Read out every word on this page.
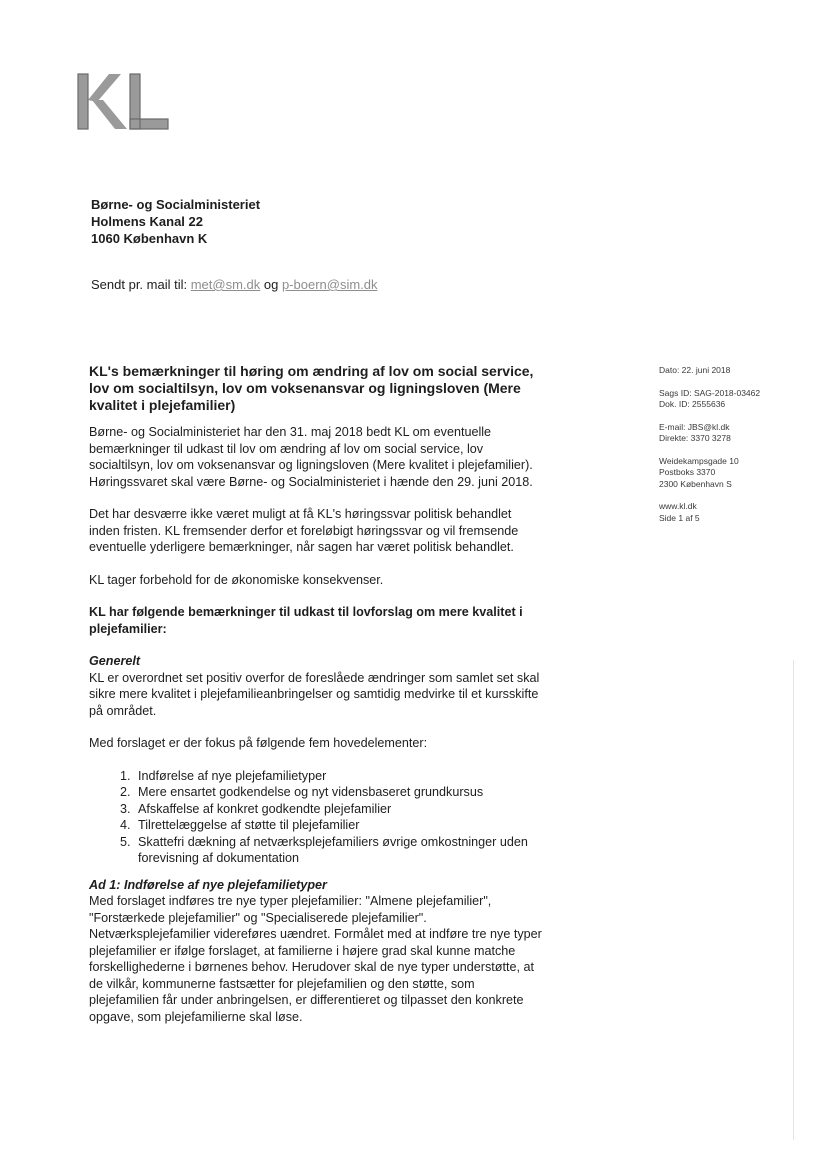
Børne- og Socialministeriet
Holmens Kanal 22
1060 København K
Sendt pr. mail til: met@sm.dk og p-boern@sim.dk
KL's bemærkninger til høring om ændring af lov om social service, lov om socialtilsyn, lov om voksenansvar og ligningsloven (Mere kvalitet i plejefamilier)

Børne- og Socialministeriet har den 31. maj 2018 bedt KL om eventuelle bemærkninger til udkast til lov om ændring af lov om social service, lov socialtilsyn, lov om voksenansvar og ligningsloven (Mere kvalitet i plejefamilier). Høringssvaret skal være Børne- og Socialministeriet i hænde den 29. juni 2018.

Det har desværre ikke været muligt at få KL's høringssvar politisk behandlet inden fristen. KL fremsender derfor et foreløbigt høringssvar og vil fremsende eventuelle yderligere bemærkninger, når sagen har været politisk behandlet.

KL tager forbehold for de økonomiske konsekvenser.

KL har følgende bemærkninger til udkast til lovforslag om mere kvalitet i plejefamilier:

Generelt

KL er overordnet set positiv overfor de foreslåede ændringer som samlet set skal sikre mere kvalitet i plejefamilieanbringelser og samtidig medvirke til et kursskifte på området.

Med forslaget er der fokus på følgende fem hovedelementer:

1. Indførelse af nye plejefamilietyper
2. Mere ensartet godkendelse og nyt vidensbaseret grundkursus
3. Afskaffelse af konkret godkendte plejefamilier
4. Tilrettelæggelse af støtte til plejefamilier
5. Skattefri dækning af netværksplejefamiliers øvrige omkostninger uden forevisning af dokumentation
Ad 1: Indførelse af nye plejefamilietyper

Med forslaget indføres tre nye typer plejefamilier: "Almene plejefamilier", "Forstærkede plejefamilier" og "Specialiserede plejefamilier". Netværksplejefamilier videreføres uændret. Formålet med at indføre tre nye typer plejefamilier er ifølge forslaget, at familierne i højere grad skal kunne matche forskellighederne i børnenes behov. Herudover skal de nye typer understøtte, at de vilkår, kommunerne fastsætter for plejefamilien og den støtte, som plejefamilien får under anbringelsen, er differentieret og tilpasset den konkrete opgave, som plejefamilierne skal løse.

Dato: 22. juni 2018
Sags ID: SAG-2018-03462
Dok. ID: 2555636
E-mail: JBS@kl.dk
Direkte: 3370 3278
Weidekampsgade 10
Postboks 3370
2300 København S
www.kl.dk
Side 1 af 5
